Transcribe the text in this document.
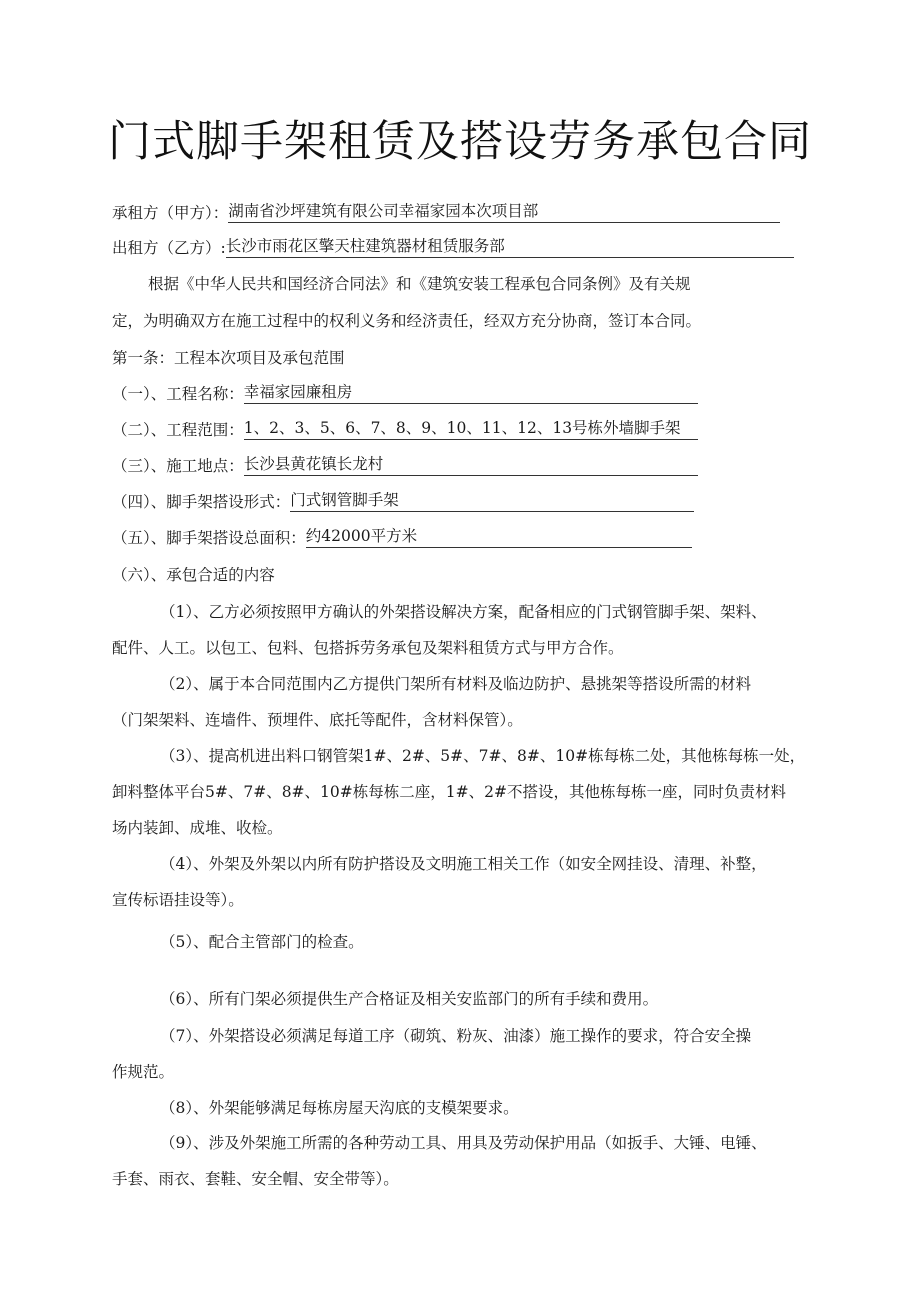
门式脚手架租赁及搭设劳务承包合同
承租方（甲方）：湖南省沙坪建筑有限公司幸福家园本次项目部
出租方（乙方）:长沙市雨花区擎天柱建筑器材租赁服务部
根据《中华人民共和国经济合同法》和《建筑安装工程承包合同条例》及有关规
定，为明确双方在施工过程中的权利义务和经济责任，经双方充分协商，签订本合同。
第一条：工程本次项目及承包范围
（一）、工程名称：幸福家园廉租房
（二）、工程范围：1、2、3、5、6、7、8、9、10、11、12、13号栋外墙脚手架
（三）、施工地点：长沙县黄花镇长龙村
（四）、脚手架搭设形式：门式钢管脚手架
（五）、脚手架搭设总面积：约42000平方米
（六）、承包合适的内容
（1）、乙方必须按照甲方确认的外架搭设解决方案，配备相应的门式钢管脚手架、架料、
配件、人工。以包工、包料、包搭拆劳务承包及架料租赁方式与甲方合作。
（2）、属于本合同范围内乙方提供门架所有材料及临边防护、悬挑架等搭设所需的材料
（门架架料、连墙件、预埋件、底托等配件，含材料保管）。
（3）、提高机进出料口钢管架1#、2#、5#、7#、8#、10#栋每栋二处，其他栋每栋一处，
卸料整体平台5#、7#、8#、10#栋每栋二座，1#、2#不搭设，其他栋每栋一座，同时负责材料
场内装卸、成堆、收检。
（4）、外架及外架以内所有防护搭设及文明施工相关工作（如安全网挂设、清理、补整，
宣传标语挂设等）。
（5）、配合主管部门的检查。
（6）、所有门架必须提供生产合格证及相关安监部门的所有手续和费用。
（7）、外架搭设必须满足每道工序（砌筑、粉灰、油漆）施工操作的要求，符合安全操
作规范。
（8）、外架能够满足每栋房屋天沟底的支模架要求。
（9）、涉及外架施工所需的各种劳动工具、用具及劳动保护用品（如扳手、大锤、电锤、
手套、雨衣、套鞋、安全帽、安全带等）。
